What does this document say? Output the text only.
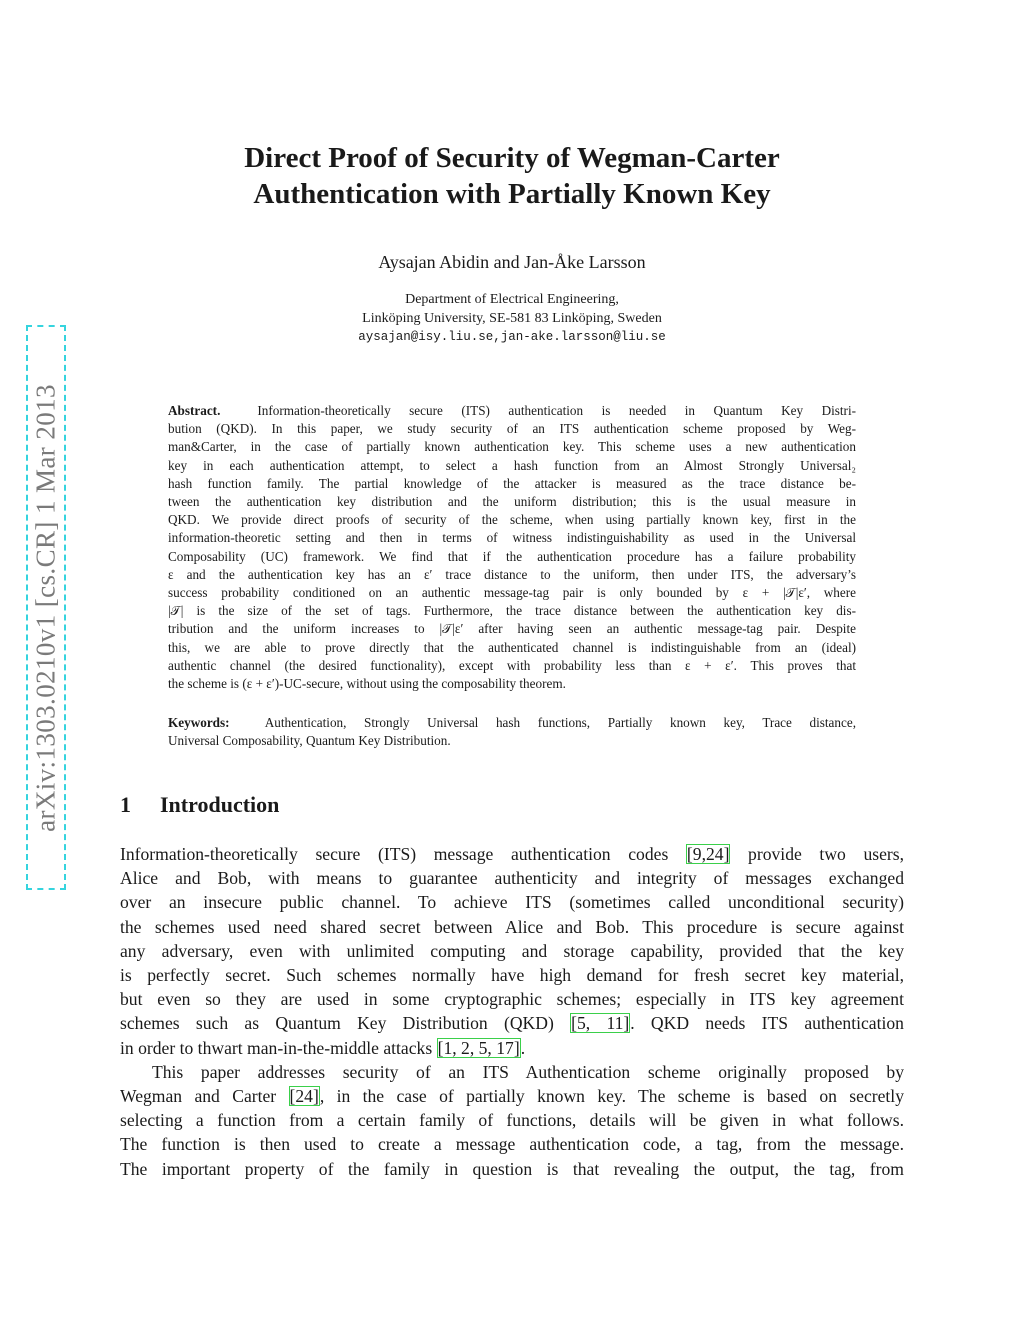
arXiv:1303.0210v1 [cs.CR] 1 Mar 2013
Direct Proof of Security of Wegman-Carter
Authentication with Partially Known Key
Aysajan Abidin and Jan-Åke Larsson
Department of Electrical Engineering,
Linköping University, SE-581 83 Linköping, Sweden
aysajan@isy.liu.se,jan-ake.larsson@liu.se
Abstract.	Information-theoretically secure (ITS) authentication is needed in Quantum Key Distri-
bution (QKD). In this paper, we study security of an ITS authentication scheme proposed by Weg-
man&Carter, in the case of partially known authentication key. This scheme uses a new authentication
key in each authentication attempt, to select a hash function from an Almost Strongly Universal₂
hash function family. The partial knowledge of the attacker is measured as the trace distance be-
tween the authentication key distribution and the uniform distribution; this is the usual measure in
QKD. We provide direct proofs of security of the scheme, when using partially known key, first in the
information-theoretic setting and then in terms of witness indistinguishability as used in the Universal
Composability (UC) framework. We find that if the authentication procedure has a failure probability
ε and the authentication key has an ε′ trace distance to the uniform, then under ITS, the adversary’s
success probability conditioned on an authentic message-tag pair is only bounded by ε + |𝒯|ε′, where
|𝒯| is the size of the set of tags. Furthermore, the trace distance between the authentication key dis-
tribution and the uniform increases to |𝒯|ε′ after having seen an authentic message-tag pair. Despite
this, we are able to prove directly that the authenticated channel is indistinguishable from an (ideal)
authentic channel (the desired functionality), except with probability less than ε + ε′. This proves that
the scheme is (ε + ε′)-UC-secure, without using the composability theorem.
Keywords:	Authentication, Strongly Universal hash functions, Partially known key, Trace distance,
Universal Composability, Quantum Key Distribution.
1 Introduction
Information-theoretically secure (ITS) message authentication codes [9,24] provide two users,
Alice and Bob, with means to guarantee authenticity and integrity of messages exchanged
over an insecure public channel. To achieve ITS (sometimes called unconditional security)
the schemes used need shared secret between Alice and Bob. This procedure is secure against
any adversary, even with unlimited computing and storage capability, provided that the key
is perfectly secret. Such schemes normally have high demand for fresh secret key material,
but even so they are used in some cryptographic schemes; especially in ITS key agreement
schemes such as Quantum Key Distribution (QKD) [5, 11]. QKD needs ITS authentication
in order to thwart man-in-the-middle attacks [1, 2, 5, 17].
This paper addresses security of an ITS Authentication scheme originally proposed by
Wegman and Carter [24], in the case of partially known key. The scheme is based on secretly
selecting a function from a certain family of functions, details will be given in what follows.
The function is then used to create a message authentication code, a tag, from the message.
The important property of the family in question is that revealing the output, the tag, from
